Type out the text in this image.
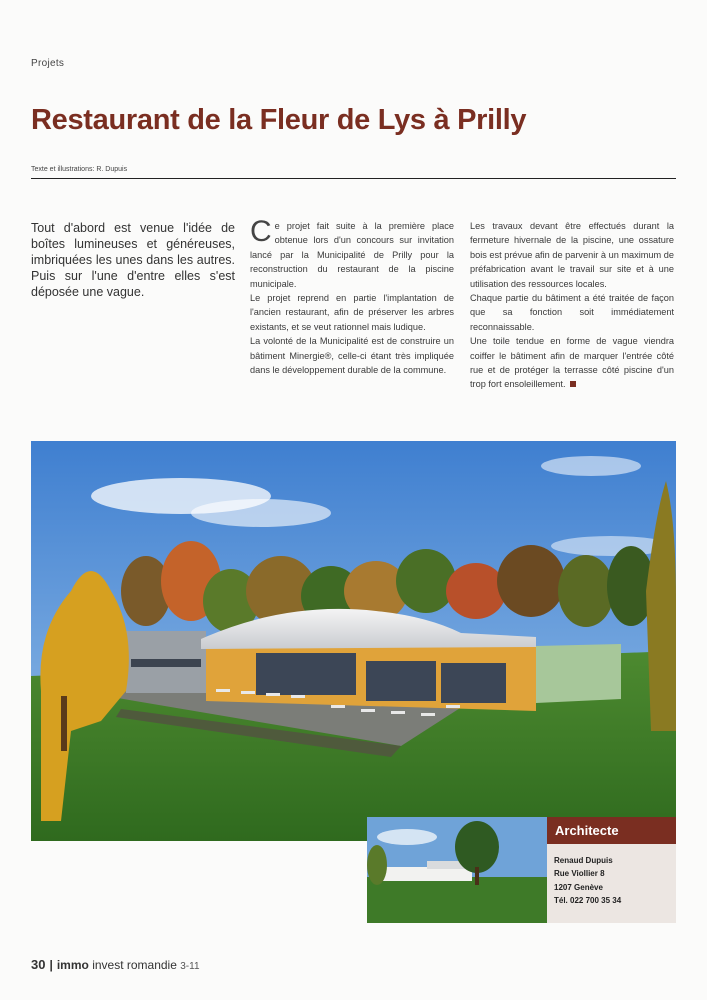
Projets
Restaurant de la Fleur de Lys à Prilly
Texte et illustrations: R. Dupuis
Tout d'abord est venue l'idée de boîtes lumineuses et généreuses, imbriquées les unes dans les autres. Puis sur l'une d'entre elles s'est déposée une vague.
C e projet fait suite à la première place obtenue lors d'un concours sur invitation lancé par la Municipalité de Prilly pour la reconstruction du restaurant de la piscine municipale.

Le projet reprend en partie l'implantation de l'ancien restaurant, afin de préserver les arbres existants, et se veut rationnel mais ludique.

La volonté de la Municipalité est de construire un bâtiment Minergie®, celle-ci étant très impliquée dans le développement durable de la commune.

Les travaux devant être effectués durant la fermeture hivernale de la piscine, une ossature bois est prévue afin de parvenir à un maximum de préfabrication avant le travail sur site et à une utilisation des ressources locales.

Chaque partie du bâtiment a été traitée de façon que sa fonction soit immédiatement reconnaissable.

Une toile tendue en forme de vague viendra coiffer le bâtiment afin de marquer l'entrée côté rue et de protéger la terrasse côté piscine d'un trop fort ensoleillement.

Architecte
Renaud Dupuis
Rue Viollier 8
1207 Genève
Tél. 022 700 35 34
30 | immo invest romandie 3-11
